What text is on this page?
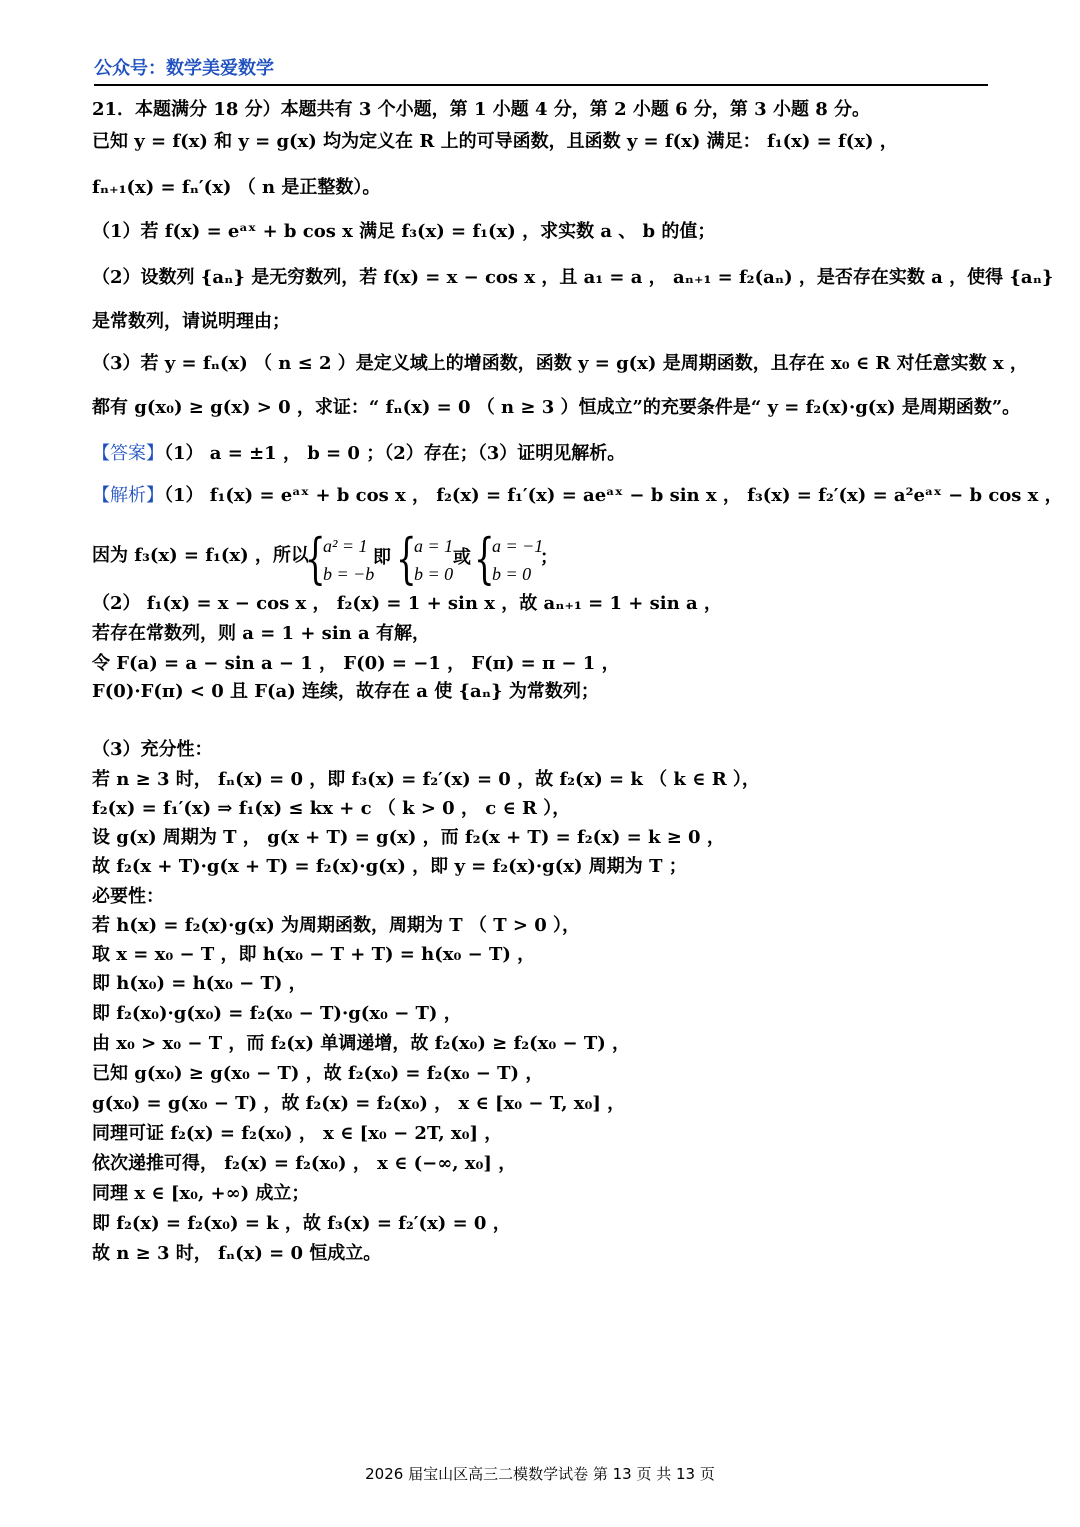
公众号：数学美爱数学
21．本题满分 18 分）本题共有 3 个小题，第 1 小题 4 分，第 2 小题 6 分，第 3 小题 8 分。
已知 y = f(x) 和 y = g(x) 均为定义在 R 上的可导函数，且函数 y = f(x) 满足： f₁(x) = f(x) ，
fₙ₊₁(x) = fₙ′(x) （ n 是正整数）。
（1）若 f(x) = eᵃˣ + b cos x 满足 f₃(x) = f₁(x) ，求实数 a 、 b 的值；
（2）设数列 {aₙ} 是无穷数列，若 f(x) = x − cos x ，且 a₁ = a ， aₙ₊₁ = f₂(aₙ) ，是否存在实数 a ，使得 {aₙ}
是常数列，请说明理由；
（3）若 y = fₙ(x) （ n ≤ 2 ）是定义域上的增函数，函数 y = g(x) 是周期函数，且存在 x₀ ∈ R 对任意实数 x ，
都有 g(x₀) ≥ g(x) > 0 ，求证：“ fₙ(x) = 0 （ n ≥ 3 ）恒成立”的充要条件是“ y = f₂(x)·g(x) 是周期函数”。
【答案】（1） a = ±1 ， b = 0 ；（2）存在；（3）证明见解析。
【解析】（1） f₁(x) = eᵃˣ + b cos x ， f₂(x) = f₁′(x) = aeᵃˣ − b sin x ， f₃(x) = f₂′(x) = a²eᵃˣ − b cos x ，
因为 f₃(x) = f₁(x) ，所以
{
a² = 1
b = −b
即 {
a = 1
b = 0
或 {
a = −1
b = 0
；
（2） f₁(x) = x − cos x ， f₂(x) = 1 + sin x ，故 aₙ₊₁ = 1 + sin a ，
若存在常数列，则 a = 1 + sin a 有解，
令 F(a) = a − sin a − 1 ， F(0) = −1 ， F(π) = π − 1 ，
F(0)·F(π) < 0 且 F(a) 连续，故存在 a 使 {aₙ} 为常数列；
（3）充分性：
若 n ≥ 3 时， fₙ(x) = 0 ，即 f₃(x) = f₂′(x) = 0 ，故 f₂(x) = k （ k ∈ R ），
f₂(x) = f₁′(x) ⇒ f₁(x) ≤ kx + c （ k > 0 ， c ∈ R ），
设 g(x) 周期为 T ， g(x + T) = g(x) ，而 f₂(x + T) = f₂(x) = k ≥ 0 ，
故 f₂(x + T)·g(x + T) = f₂(x)·g(x) ，即 y = f₂(x)·g(x) 周期为 T ；
必要性：
若 h(x) = f₂(x)·g(x) 为周期函数，周期为 T （ T > 0 ），
取 x = x₀ − T ，即 h(x₀ − T + T) = h(x₀ − T) ，
即 h(x₀) = h(x₀ − T) ，
即 f₂(x₀)·g(x₀) = f₂(x₀ − T)·g(x₀ − T) ，
由 x₀ > x₀ − T ，而 f₂(x) 单调递增，故 f₂(x₀) ≥ f₂(x₀ − T) ，
已知 g(x₀) ≥ g(x₀ − T) ，故 f₂(x₀) = f₂(x₀ − T) ，
g(x₀) = g(x₀ − T) ，故 f₂(x) = f₂(x₀) ， x ∈ [x₀ − T, x₀] ，
同理可证 f₂(x) = f₂(x₀) ， x ∈ [x₀ − 2T, x₀] ，
依次递推可得， f₂(x) = f₂(x₀) ， x ∈ (−∞, x₀] ，
同理 x ∈ [x₀, +∞) 成立；
即 f₂(x) = f₂(x₀) = k ，故 f₃(x) = f₂′(x) = 0 ，
故 n ≥ 3 时， fₙ(x) = 0 恒成立。
2026 届宝山区高三二模数学试卷 第 13 页 共 13 页
